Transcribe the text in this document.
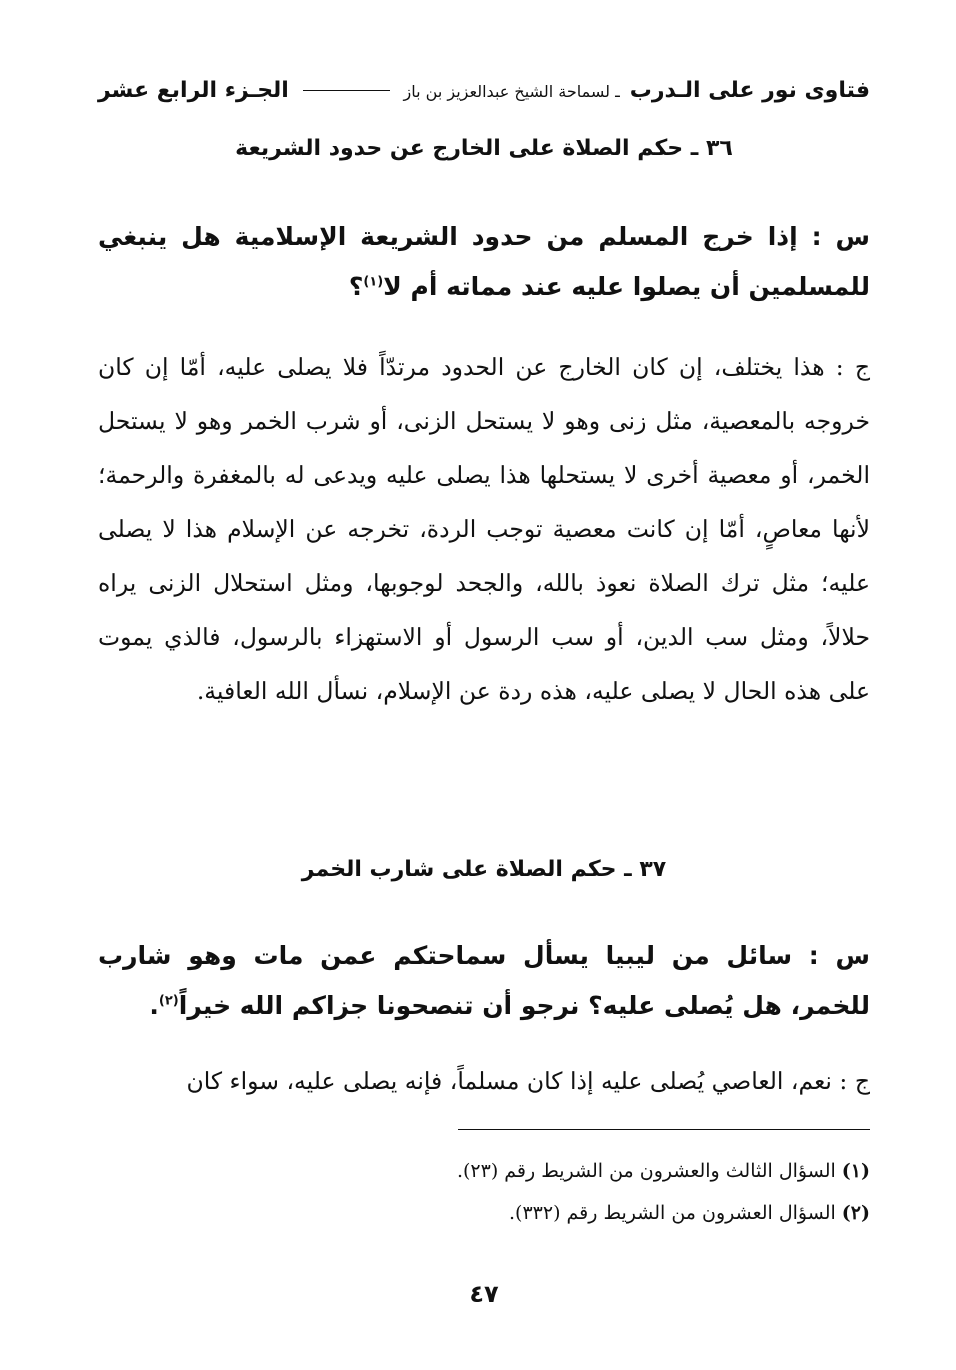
فتاوى نور على الـدرب
ـ لسماحة الشيخ عبدالعزيز بن باز
الجـزء الرابع عشر
٣٦ ـ حكم الصلاة على الخارج عن حدود الشريعة
س : إذا خرج المسلم من حدود الشريعة الإسلامية هل ينبغي للمسلمين أن يصلوا عليه عند مماته أم لا$^{(١)}$؟
ج : هذا يختلف، إن كان الخارج عن الحدود مرتدّاً فلا يصلى عليه، أمّا إن كان خروجه بالمعصية، مثل زنى وهو لا يستحل الزنى، أو شرب الخمر وهو لا يستحل الخمر، أو معصية أخرى لا يستحلها هذا يصلى عليه ويدعى له بالمغفرة والرحمة؛ لأنها معاصٍ، أمّا إن كانت معصية توجب الردة، تخرجه عن الإسلام هذا لا يصلى عليه؛ مثل ترك الصلاة نعوذ بالله، والجحد لوجوبها، ومثل استحلال الزنى يراه حلالاً، ومثل سب الدين، أو سب الرسول أو الاستهزاء بالرسول، فالذي يموت على هذه الحال لا يصلى عليه، هذه ردة عن الإسلام، نسأل الله العافية.
٣٧ ـ حكم الصلاة على شارب الخمر
س : سائل من ليبيا يسأل سماحتكم عمن مات وهو شارب للخمر، هل يُصلى عليه؟ نرجو أن تنصحونا جزاكم الله خيراً$^{(٢)}$.
ج : نعم، العاصي يُصلى عليه إذا كان مسلماً، فإنه يصلى عليه، سواء كان
(١)السؤال الثالث والعشرون من الشريط رقم (٢٣).
(٢)السؤال العشرون من الشريط رقم (٣٣٢).
٤٧
